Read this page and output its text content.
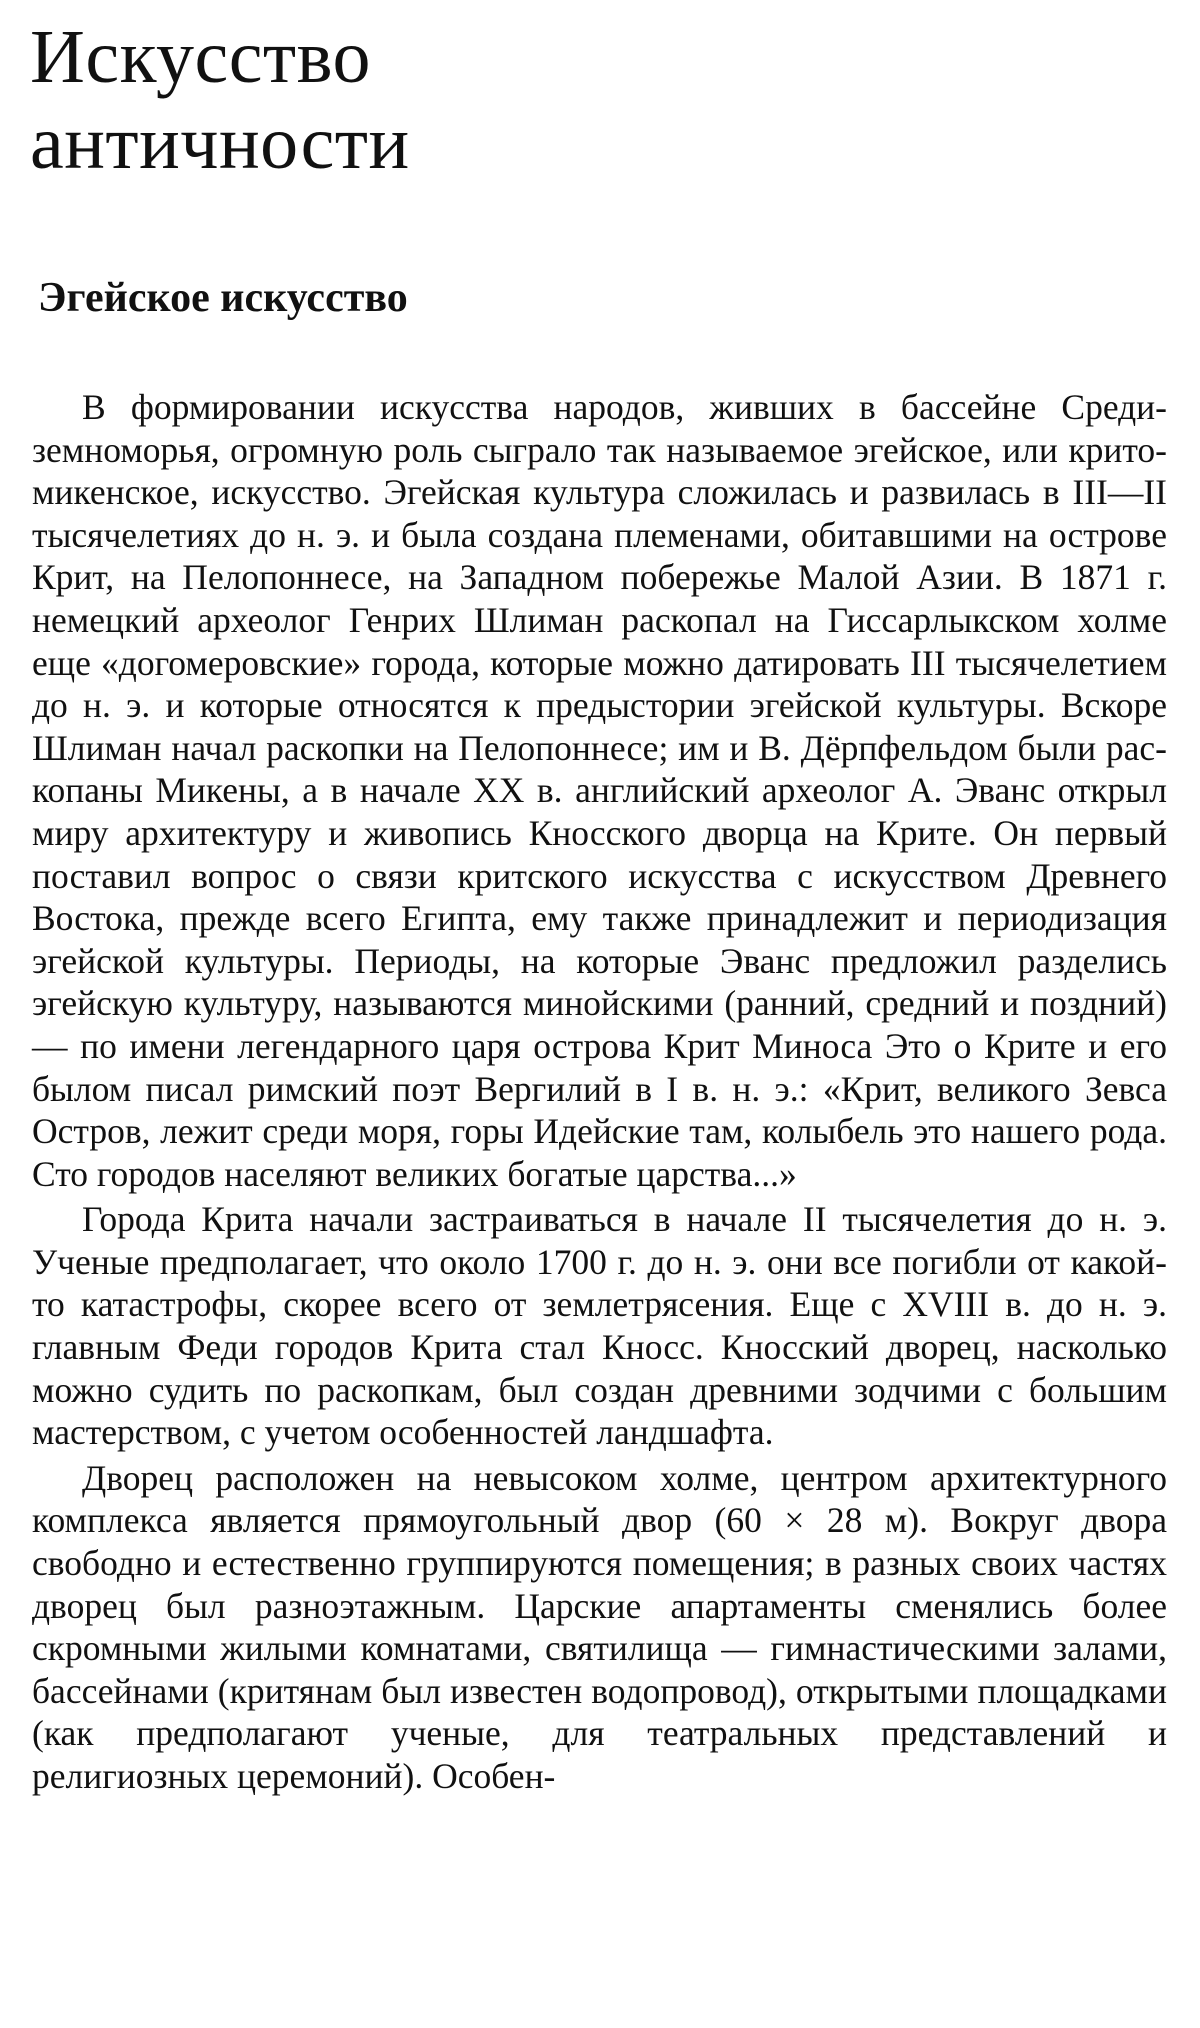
Искусство
античности
Эгейское искусство

В формировании искусства народов, живших в бассейне Средиземноморья, огромную роль сыграло так называемое эгейское, или крито-микенское, искусство. Эгейская культура сложилась и развилась в III—II тысячелетиях до н. э. и была создана племенами, обитавшими на острове Крит, на Пелопоннесе, на Западном побережье Малой Азии. В 1871 г. немецкий археолог Генрих Шлиман раскопал на Гиссарлыкском холме еще «догомеровские» города, которые можно датировать III тысячелетием до н. э. и которые относятся к предыстории эгейской культуры. Вскоре Шлиман начал раскопки на Пелопоннесе; им и В. Дёрпфельдом были раскопаны Микены, а в начале XX в. английский археолог А. Эванс открыл миру архитектуру и живопись Кносского дворца на Крите. Он первый поставил вопрос о связи критского искусства с искусством Древнего Востока, прежде всего Египта, ему также принадлежит и периодизация эгейской культуры. Периоды, на которые Эванс предложил разделись эгейскую культуру, называются минойскими (ранний, средний и поздний) — по имени легендарного царя острова Крит Миноса Это о Крите и его былом писал римский поэт Вергилий в I в. н. э.: «Крит, великого Зевса Остров, лежит среди моря, горы Идейские там, колыбель это нашего рода. Сто городов населяют великих богатые царства...»

Города Крита начали застраиваться в начале II тысячелетия до н. э. Ученые предполагает, что около 1700 г. до н. э. они все погибли от какой-то катастрофы, скорее всего от землетрясения. Еще с XVIII в. до н. э. главным Феди городов Крита стал Кносс. Кносский дворец, насколько можно судить по раскопкам, был создан древними зодчими с большим мастерством, с учетом особенностей ландшафта.

Дворец расположен на невысоком холме, центром архитектурного комплекса является прямоугольный двор (60 × 28 м). Вокруг двора свободно и естественно группируются помещения; в разных своих частях дворец был разноэтажным. Царские апартаменты сменялись более скромными жилыми комнатами, святилища — гимнастическими залами, бассейнами (критянам был известен водопровод), открытыми площадками (как предполагают ученые, для театральных представлений и религиозных церемоний). Особен-
